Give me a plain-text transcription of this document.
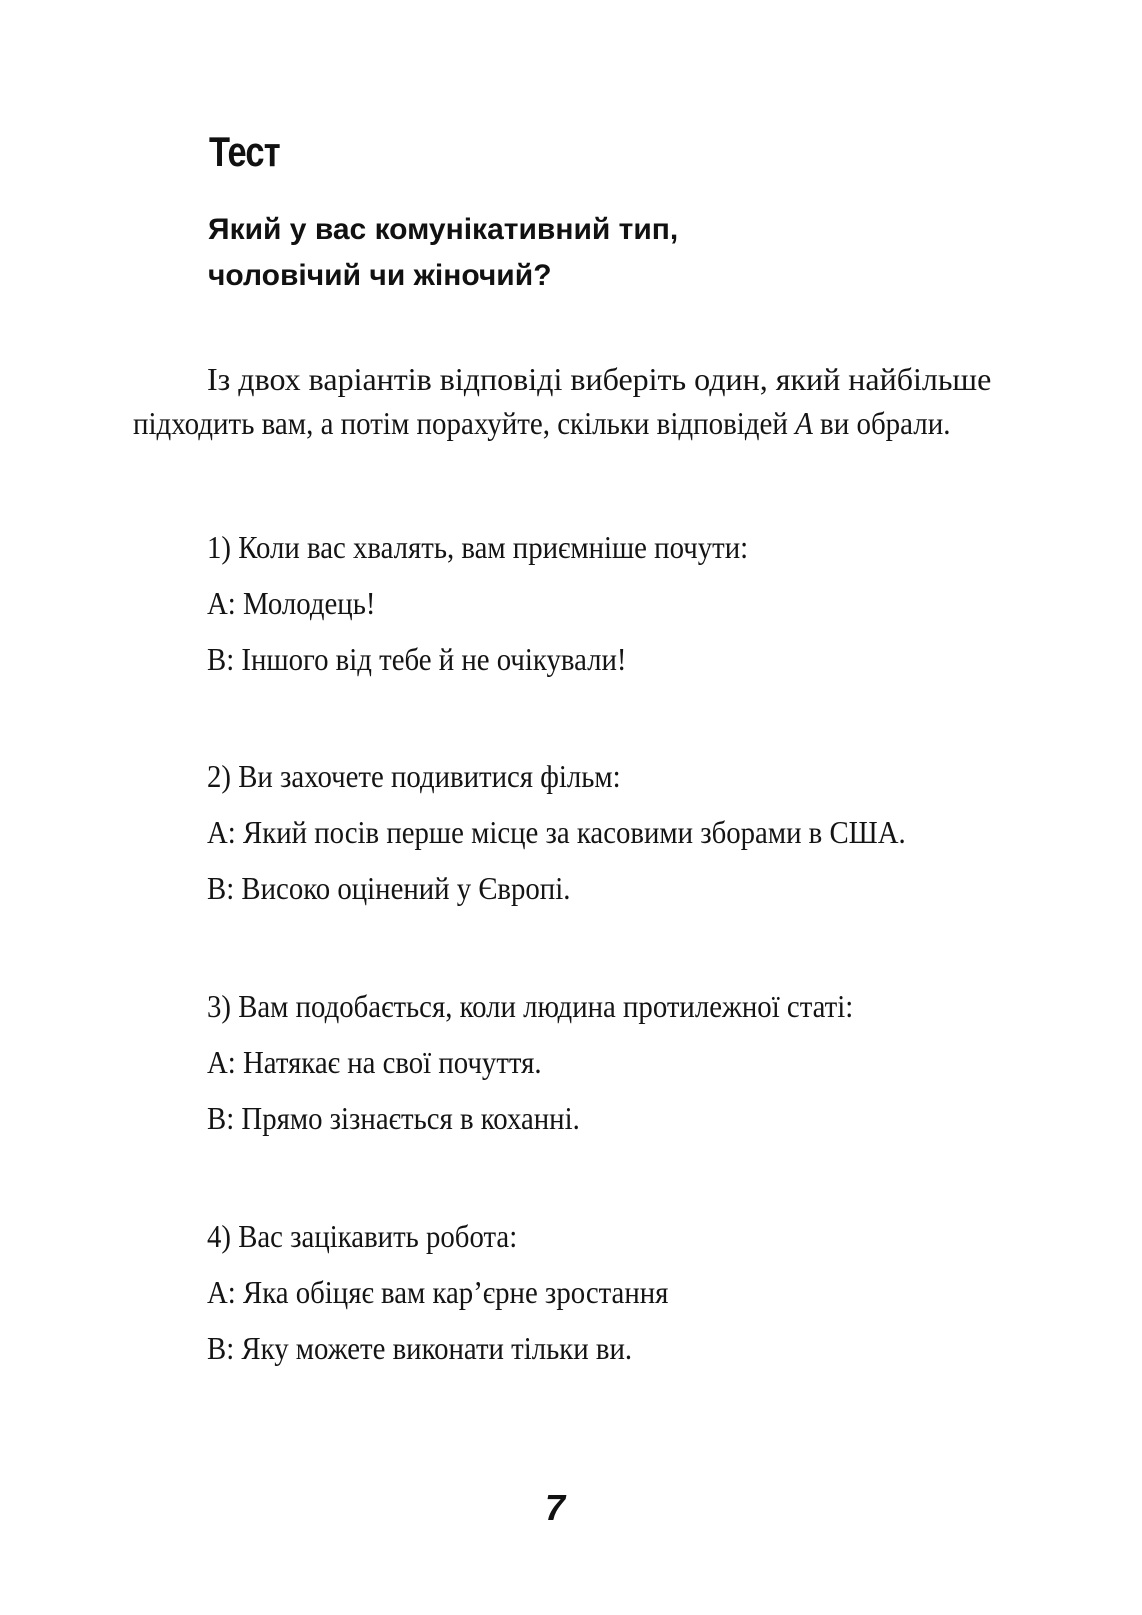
Тест
Який у вас комунікативний тип,
чоловічий чи жіночий?
Із двох варіантів відповіді виберіть один, який найбільше
підходить вам, а потім порахуйте, скільки відповідей A ви обрали.
1) Коли вас хвалять, вам приємніше почути:
А: Молодець!
В: Іншого від тебе й не очікували!
2) Ви захочете подивитися фільм:
А: Який посів перше місце за касовими зборами в США.
В: Високо оцінений у Європі.
3) Вам подобається, коли людина протилежної статі:
А: Натякає на свої почуття.
В: Прямо зізнається в коханні.
4) Вас зацікавить робота:
А: Яка обіцяє вам кар’єрне зростання
В: Яку можете виконати тільки ви.
7
